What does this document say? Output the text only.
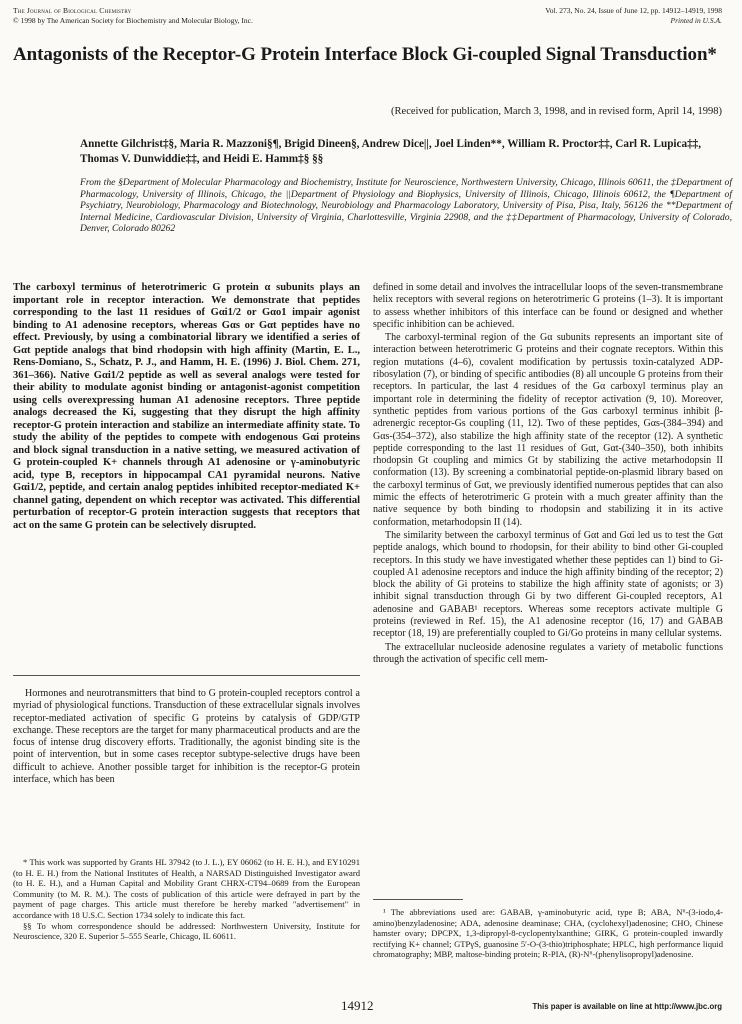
The Journal of Biological Chemistry
© 1998 by The American Society for Biochemistry and Molecular Biology, Inc.
Vol. 273, No. 24, Issue of June 12, pp. 14912–14919, 1998
Printed in U.S.A.
Antagonists of the Receptor-G Protein Interface Block Gi-coupled Signal Transduction*
(Received for publication, March 3, 1998, and in revised form, April 14, 1998)

Annette Gilchrist‡§, Maria R. Mazzoni§¶, Brigid Dineen§, Andrew Dice||, Joel Linden**, William R. Proctor‡‡, Carl R. Lupica‡‡, Thomas V. Dunwiddie‡‡, and Heidi E. Hamm‡§ §§

From the §Department of Molecular Pharmacology and Biochemistry, Institute for Neuroscience, Northwestern University, Chicago, Illinois 60611, the ‡Department of Pharmacology, University of Illinois, Chicago, the ||Department of Physiology and Biophysics, University of Illinois, Chicago, Illinois 60612, the ¶Department of Psychiatry, Neurobiology, Pharmacology and Biotechnology, Neurobiology and Pharmacology Laboratory, University of Pisa, Pisa, Italy, 56126 the **Department of Internal Medicine, Cardiovascular Division, University of Virginia, Charlottesville, Virginia 22908, and the ‡‡Department of Pharmacology, University of Colorado, Denver, Colorado 80262

The carboxyl terminus of heterotrimeric G protein α subunits plays an important role in receptor interaction. We demonstrate that peptides corresponding to the last 11 residues of Gαi1/2 or Gαo1 impair agonist binding to A1 adenosine receptors, whereas Gαs or Gαt peptides have no effect. Previously, by using a combinatorial library we identified a series of Gαt peptide analogs that bind rhodopsin with high affinity (Martin, E. L., Rens-Domiano, S., Schatz, P. J., and Hamm, H. E. (1996) J. Biol. Chem. 271, 361–366). Native Gαi1/2 peptide as well as several analogs were tested for their ability to modulate agonist binding or antagonist-agonist competition using cells overexpressing human A1 adenosine receptors. Three peptide analogs decreased the Ki, suggesting that they disrupt the high affinity receptor-G protein interaction and stabilize an intermediate affinity state. To study the ability of the peptides to compete with endogenous Gαi proteins and block signal transduction in a native setting, we measured activation of G protein-coupled K+ channels through A1 adenosine or γ-aminobutyric acid, type B, receptors in hippocampal CA1 pyramidal neurons. Native Gαi1/2, peptide, and certain analog peptides inhibited receptor-mediated K+ channel gating, dependent on which receptor was activated. This differential perturbation of receptor-G protein interaction suggests that receptors that act on the same G protein can be selectively disrupted.

Hormones and neurotransmitters that bind to G protein-coupled receptors control a myriad of physiological functions. Transduction of these extracellular signals involves receptor-mediated activation of specific G proteins by catalysis of GDP/GTP exchange. These receptors are the target for many pharmaceutical products and are the focus of intense drug discovery efforts. Traditionally, the agonist binding site is the point of intervention, but in some cases receptor subtype-selective drugs have been difficult to achieve. Another possible target for inhibition is the receptor-G protein interface, which has been

* This work was supported by Grants HL 37942 (to J. L.), EY 06062 (to H. E. H.), and EY10291 (to H. E. H.) from the National Institutes of Health, a NARSAD Distinguished Investigator award (to H. E. H.), and a Human Capital and Mobility Grant CHRX-CT94–0689 from the European Community (to M. R. M.). The costs of publication of this article were defrayed in part by the payment of page charges. This article must therefore be hereby marked "advertisement" in accordance with 18 U.S.C. Section 1734 solely to indicate this fact.

§§ To whom correspondence should be addressed: Northwestern University, Institute for Neuroscience, 320 E. Superior 5–555 Searle, Chicago, IL 60611.

defined in some detail and involves the intracellular loops of the seven-transmembrane helix receptors with several regions on heterotrimeric G proteins (1–3). It is important to assess whether inhibitors of this interface can be found or designed and whether specific inhibition can be achieved.

The carboxyl-terminal region of the Gα subunits represents an important site of interaction between heterotrimeric G proteins and their cognate receptors. Within this region mutations (4–6), covalent modification by pertussis toxin-catalyzed ADP-ribosylation (7), or binding of specific antibodies (8) all uncouple G proteins from their receptors. In particular, the last 4 residues of the Gα carboxyl terminus play an important role in determining the fidelity of receptor activation (9, 10). Moreover, synthetic peptides from various portions of the Gαs carboxyl terminus inhibit β-adrenergic receptor-Gs coupling (11, 12). Two of these peptides, Gαs-(384–394) and Gαs-(354–372), also stabilize the high affinity state of the receptor (12). A synthetic peptide corresponding to the last 11 residues of Gαt, Gαt-(340–350), both inhibits rhodopsin Gt coupling and mimics Gt by stabilizing the active metarhodopsin II conformation (13). By screening a combinatorial peptide-on-plasmid library based on the carboxyl terminus of Gαt, we previously identified numerous peptides that can also mimic the effects of heterotrimeric G protein with a much greater affinity than the native sequence by both binding to rhodopsin and stabilizing it in its active conformation, metarhodopsin II (14).

The similarity between the carboxyl terminus of Gαt and Gαi led us to test the Gαt peptide analogs, which bound to rhodopsin, for their ability to bind other Gi-coupled receptors. In this study we have investigated whether these peptides can 1) bind to Gi-coupled A1 adenosine receptors and induce the high affinity binding of the receptor; 2) block the ability of Gi proteins to stabilize the high affinity state of agonists; or 3) inhibit signal transduction through Gi by two different Gi-coupled receptors, A1 adenosine and GABAB¹ receptors. Whereas some receptors activate multiple G proteins (reviewed in Ref. 15), the A1 adenosine receptor (16, 17) and GABAB receptor (18, 19) are preferentially coupled to Gi/Go proteins in many cellular systems.

The extracellular nucleoside adenosine regulates a variety of metabolic functions through the activation of specific cell mem-

¹ The abbreviations used are: GABAB, γ-aminobutyric acid, type B; ABA, N⁶-(3-iodo,4-amino)benzyladenosine; ADA, adenosine deaminase; CHA, (cyclohexyl)adenosine; CHO, Chinese hamster ovary; DPCPX, 1,3-dipropyl-8-cyclopentylxanthine; GIRK, G protein-coupled inwardly rectifying K+ channel; GTPγS, guanosine 5′-O-(3-thio)triphosphate; HPLC, high performance liquid chromatography; MBP, maltose-binding protein; R-PIA, (R)-N⁶-(phenylisopropyl)adenosine.

14912	This paper is available on line at http://www.jbc.org
